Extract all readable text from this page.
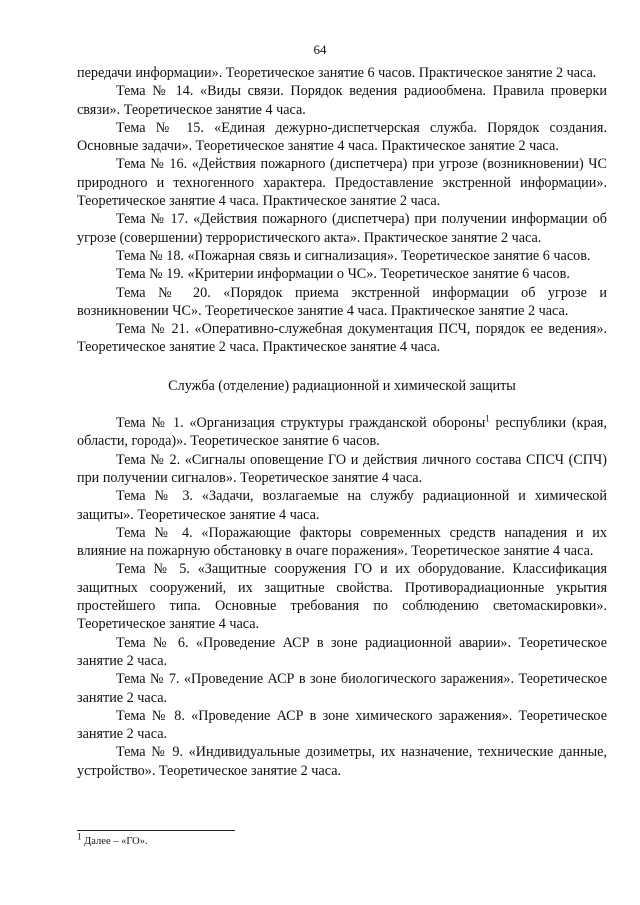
64

передачи информации». Теоретическое занятие 6 часов. Практическое занятие 2 часа.

Тема № 14. «Виды связи. Порядок ведения радиообмена. Правила проверки связи». Теоретическое занятие 4 часа.

Тема № 15. «Единая дежурно-диспетчерская служба. Порядок создания. Основные задачи». Теоретическое занятие 4 часа. Практическое занятие 2 часа.

Тема № 16. «Действия пожарного (диспетчера) при угрозе (возникновении) ЧС природного и техногенного характера. Предоставление экстренной информации». Теоретическое занятие 4 часа. Практическое занятие 2 часа.

Тема № 17. «Действия пожарного (диспетчера) при получении информации об угрозе (совершении) террористического акта». Практическое занятие 2 часа.

Тема № 18. «Пожарная связь и сигнализация». Теоретическое занятие 6 часов.

Тема № 19. «Критерии информации о ЧС». Теоретическое занятие 6 часов.

Тема № 20. «Порядок приема экстренной информации об угрозе и возникновении ЧС». Теоретическое занятие 4 часа. Практическое занятие 2 часа.

Тема № 21. «Оперативно-служебная документация ПСЧ, порядок ее ведения». Теоретическое занятие 2 часа. Практическое занятие 4 часа.

Служба (отделение) радиационной и химической защиты

Тема № 1. «Организация структуры гражданской обороны$^1$ республики (края, области, города)». Теоретическое занятие 6 часов.

Тема № 2. «Сигналы оповещение ГО и действия личного состава СПСЧ (СПЧ) при получении сигналов». Теоретическое занятие 4 часа.

Тема № 3. «Задачи, возлагаемые на службу радиационной и химической защиты». Теоретическое занятие 4 часа.

Тема № 4. «Поражающие факторы современных средств нападения и их влияние на пожарную обстановку в очаге поражения». Теоретическое занятие 4 часа.

Тема № 5. «Защитные сооружения ГО и их оборудование. Классификация защитных сооружений, их защитные свойства. Противорадиационные укрытия простейшего типа. Основные требования по соблюдению светомаскировки». Теоретическое занятие 4 часа.

Тема № 6. «Проведение АСР в зоне радиационной аварии». Теоретическое занятие 2 часа.

Тема № 7. «Проведение АСР в зоне биологического заражения». Теоретическое занятие 2 часа.

Тема № 8. «Проведение АСР в зоне химического заражения». Теоретическое занятие 2 часа.

Тема № 9. «Индивидуальные дозиметры, их назначение, технические данные, устройство». Теоретическое занятие 2 часа.

$^1$ Далее – «ГО».
